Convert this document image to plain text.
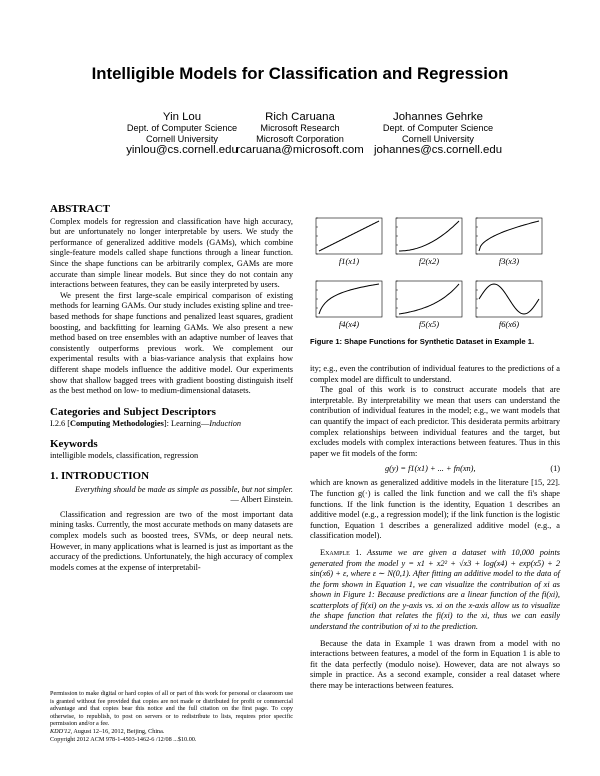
Intelligible Models for Classification and Regression
Yin Lou
Dept. of Computer Science
Cornell University
yinlou@cs.cornell.edu
Rich Caruana
Microsoft Research
Microsoft Corporation
rcaruana@microsoft.com
Johannes Gehrke
Dept. of Computer Science
Cornell University
johannes@cs.cornell.edu
ABSTRACT

Complex models for regression and classification have high accuracy, but are unfortunately no longer interpretable by users. We study the performance of generalized additive models (GAMs), which combine single-feature models called shape functions through a linear function. Since the shape functions can be arbitrarily complex, GAMs are more accurate than simple linear models. But since they do not contain any interactions between features, they can be easily interpreted by users.

We present the first large-scale empirical comparison of existing methods for learning GAMs. Our study includes existing spline and tree-based methods for shape functions and penalized least squares, gradient boosting, and backfitting for learning GAMs. We also present a new method based on tree ensembles with an adaptive number of leaves that consistently outperforms previous work. We complement our experimental results with a bias-variance analysis that explains how different shape models influence the additive model. Our experiments show that shallow bagged trees with gradient boosting distinguish itself as the best method on low- to medium-dimensional datasets.

Categories and Subject Descriptors

I.2.6 [Computing Methodologies]: Learning—Induction

Keywords

intelligible models, classification, regression

1. INTRODUCTION

Everything should be made as simple as possible, but not simpler.

— Albert Einstein.

Classification and regression are two of the most important data mining tasks. Currently, the most accurate methods on many datasets are complex models such as boosted trees, SVMs, or deep neural nets. However, in many applications what is learned is just as important as the accuracy of the predictions. Unfortunately, the high accuracy of complex models comes at the expense of interpretabil-

Permission to make digital or hard copies of all or part of this work for personal or classroom use is granted without fee provided that copies are not made or distributed for profit or commercial advantage and that copies bear this notice and the full citation on the first page. To copy otherwise, to republish, to post on servers or to redistribute to lists, requires prior specific permission and/or a fee.

KDD'12, August 12–16, 2012, Beijing, China.

Copyright 2012 ACM 978-1-4503-1462-6 /12/08 ...$10.00.

f1(x1)	f2(x2)	f3(x3)
f4(x4)	f5(x5)	f6(x6)
Figure 1: Shape Functions for Synthetic Dataset in Example 1.

ity; e.g., even the contribution of individual features to the predictions of a complex model are difficult to understand.

The goal of this work is to construct accurate models that are interpretable. By interpretability we mean that users can understand the contribution of individual features in the model; e.g., we want models that can quantify the impact of each predictor. This desiderata permits arbitrary complex relationships between individual features and the target, but excludes models with complex interactions between features. Thus in this paper we fit models of the form:

g(y) = f1(x1) + ... + fn(xn),	(1)

which are known as generalized additive models in the literature [15, 22]. The function g(·) is called the link function and we call the fi's shape functions. If the link function is the identity, Equation 1 describes an additive model (e.g., a regression model); if the link function is the logistic function, Equation 1 describes a generalized additive model (e.g., a classification model).

Example 1. Assume we are given a dataset with 10,000 points generated from the model y = x1 + x2² + √x3 + log(x4) + exp(x5) + 2 sin(x6) + ε, where ε ∼ N(0,1). After fitting an additive model to the data of the form shown in Equation 1, we can visualize the contribution of xi as shown in Figure 1: Because predictions are a linear function of the fi(xi), scatterplots of fi(xi) on the y-axis vs. xi on the x-axis allow us to visualize the shape function that relates the fi(xi) to the xi, thus we can easily understand the contribution of xi to the prediction.

Because the data in Example 1 was drawn from a model with no interactions between features, a model of the form in Equation 1 is able to fit the data perfectly (modulo noise). However, data are not always so simple in practice. As a second example, consider a real dataset where there may be interactions between features.
